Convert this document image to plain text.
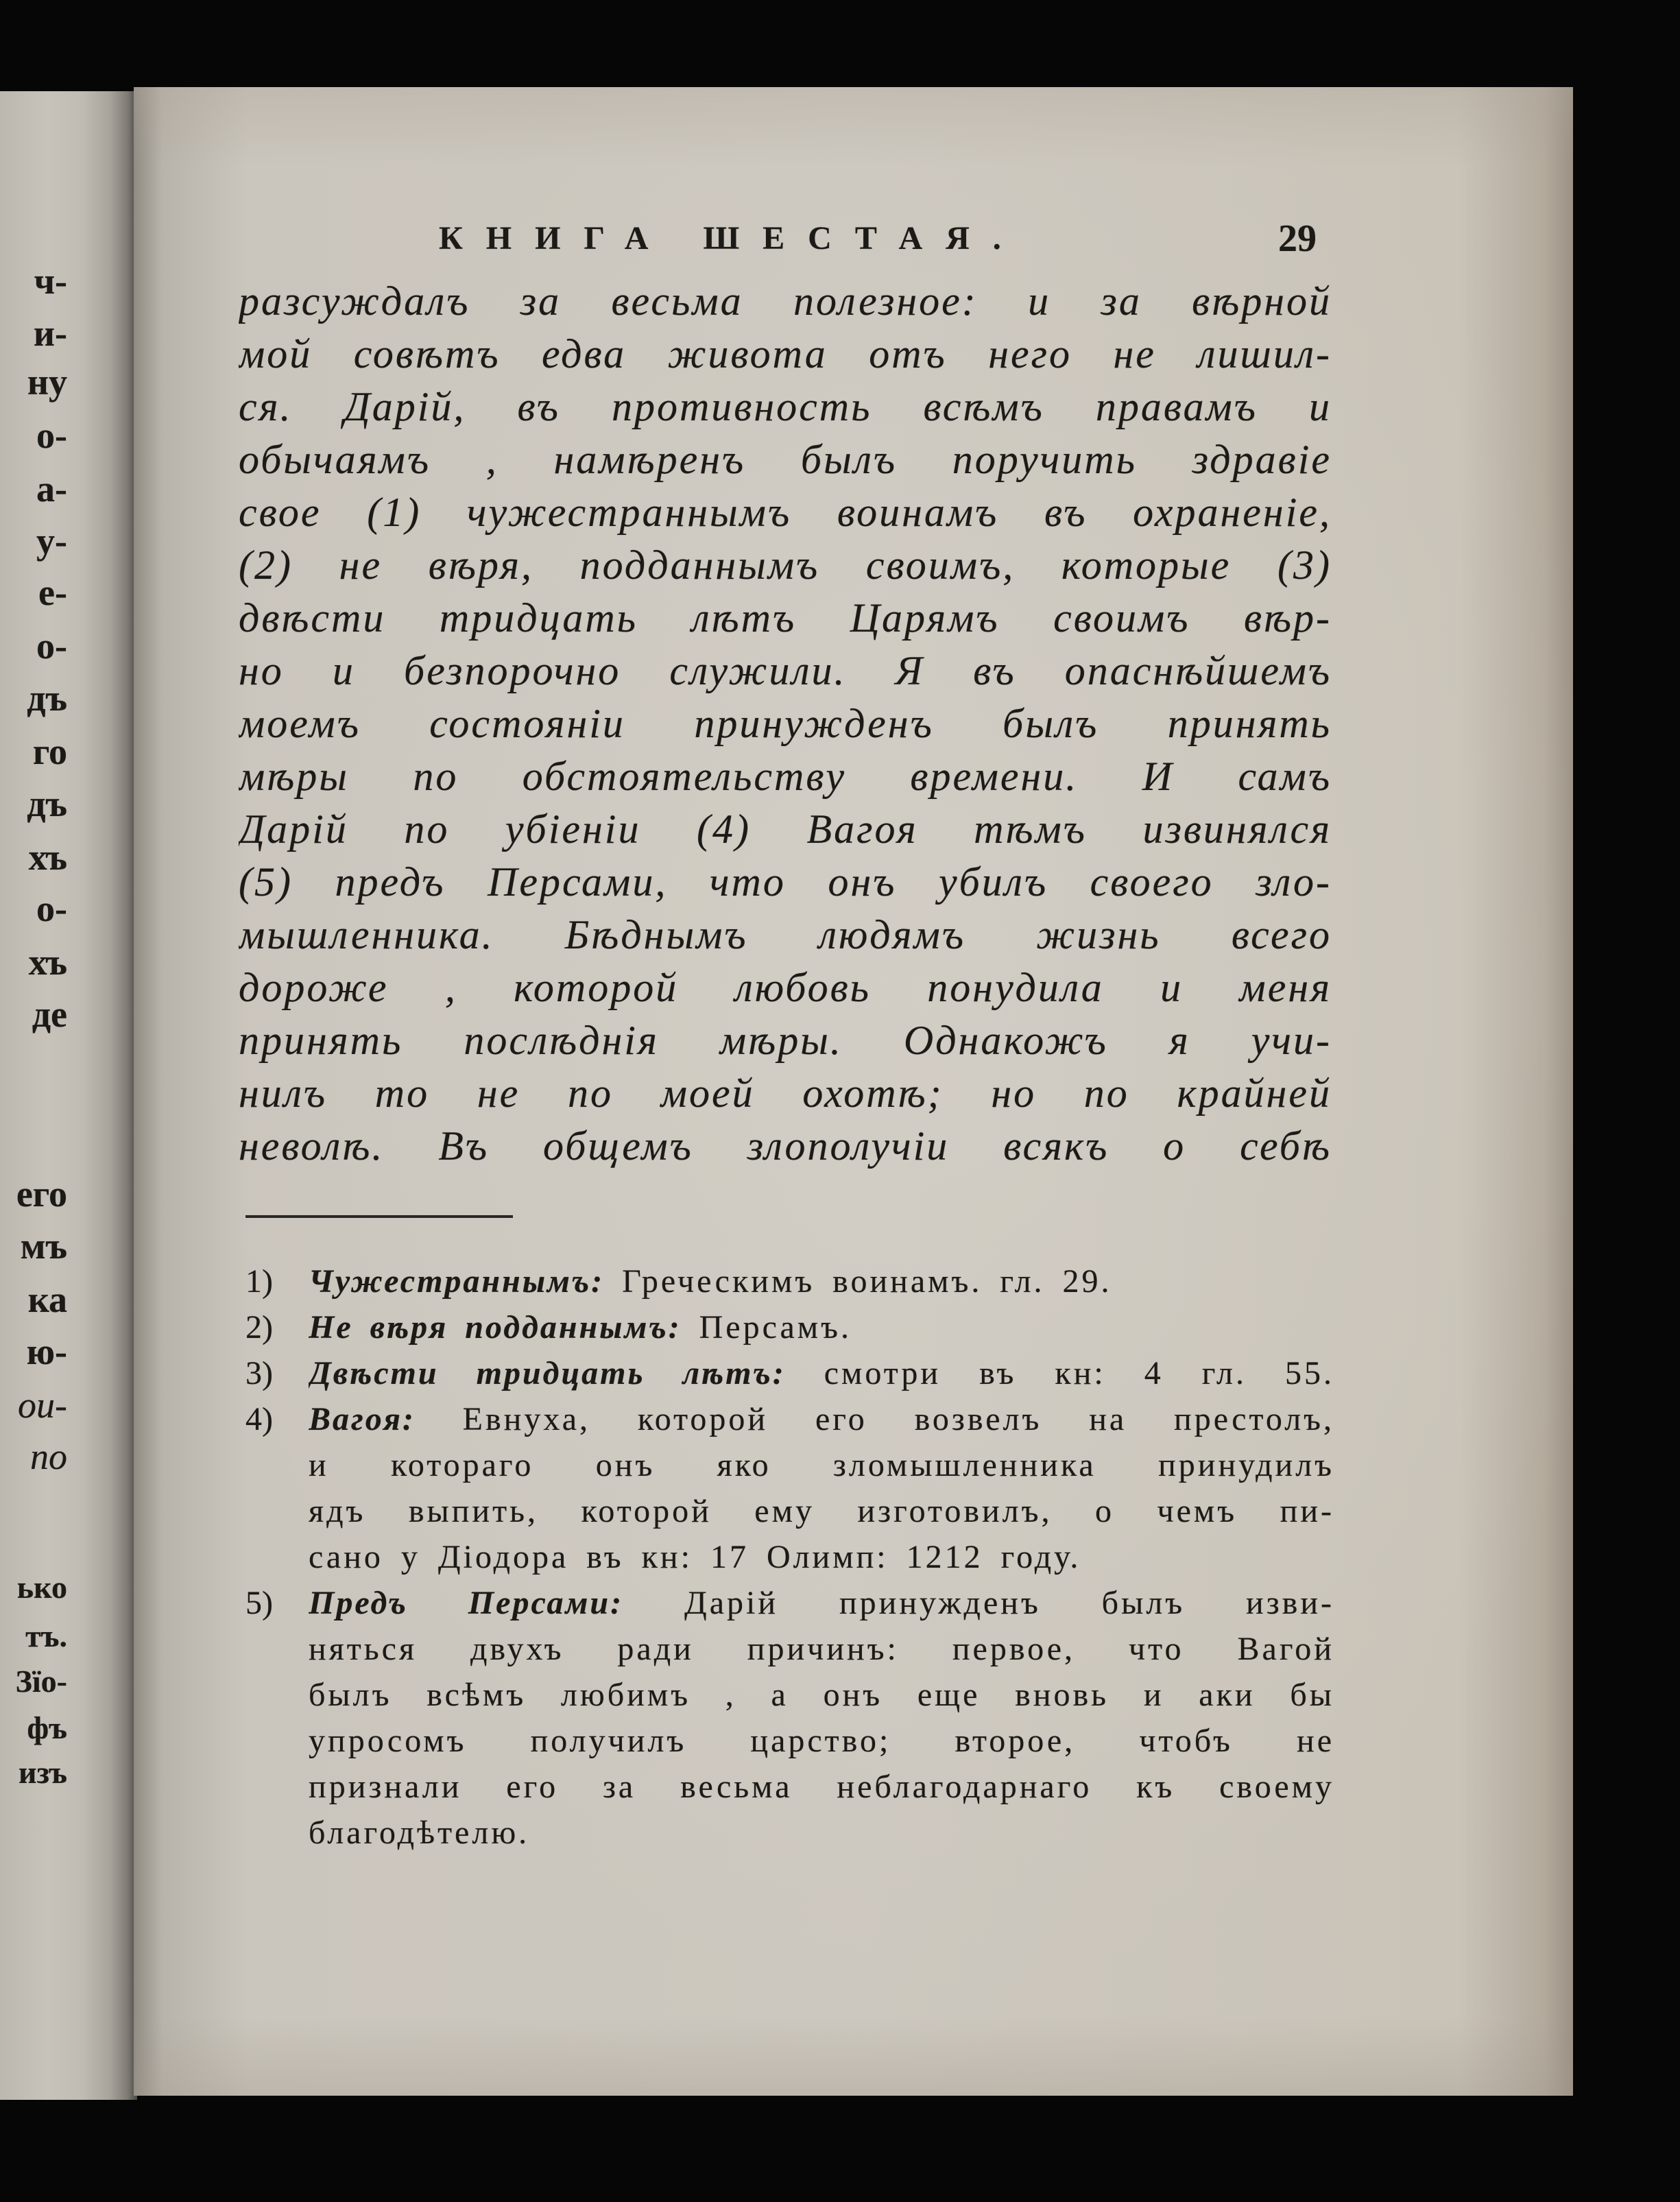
ч-
и-
ну
о-
а-
у-
е-
о-
дъ
го
дъ
хъ
о-
хъ
де
его
мъ
ка
ю-
ои-
по
ько
тъ.
Зїо-
фъ
изъ
КНИГА ШЕСТАЯ.	29
разсуждалъ за весьма полезное: и за вѣрной
мой совѣтъ едва живота отъ него не лишил-
ся. Дарій, въ противность всѣмъ правамъ и
обычаямъ , намѣренъ былъ поручить здравіе
свое (1) чужестраннымъ воинамъ въ охраненіе,
(2) не вѣря, подданнымъ своимъ, которые (3)
двѣсти тридцать лѣтъ Царямъ своимъ вѣр-
но и безпорочно служили. Я въ опаснѣйшемъ
моемъ состояніи принужденъ былъ принять
мѣры по обстоятельству времени. И самъ
Дарій по убіеніи (4) Вагоя тѣмъ извинялся
(5) предъ Персами, что онъ убилъ своего зло-
мышленника. Бѣднымъ людямъ жизнь всего
дороже , которой любовь понудила и меня
принять послѣднія мѣры. Однакожъ я учи-
нилъ то не по моей охотѣ; но по крайней
неволѣ. Въ общемъ злополучіи всякъ о себѣ
1)	Чужестраннымъ: Греческимъ воинамъ. гл. 29.
2)	Не вѣря подданнымъ: Персамъ.
3)	Двѣсти тридцать лѣтъ: смотри въ кн: 4 гл. 55.
4)	Вагоя: Евнуха, которой его возвелъ на престолъ,
и котораго онъ яко зломышленника принудилъ
ядъ выпить, которой ему изготовилъ, о чемъ пи-
сано у Діодора въ кн: 17 Олимп: 1212 году.
5)	Предъ Персами: Дарій принужденъ былъ изви-
няться двухъ ради причинъ: первое, что Вагой
былъ всѣмъ любимъ , а онъ еще вновь и аки бы
упросомъ получилъ царство; второе, чтобъ не
признали его за весьма неблагодарнаго къ своему
благодѣтелю.
